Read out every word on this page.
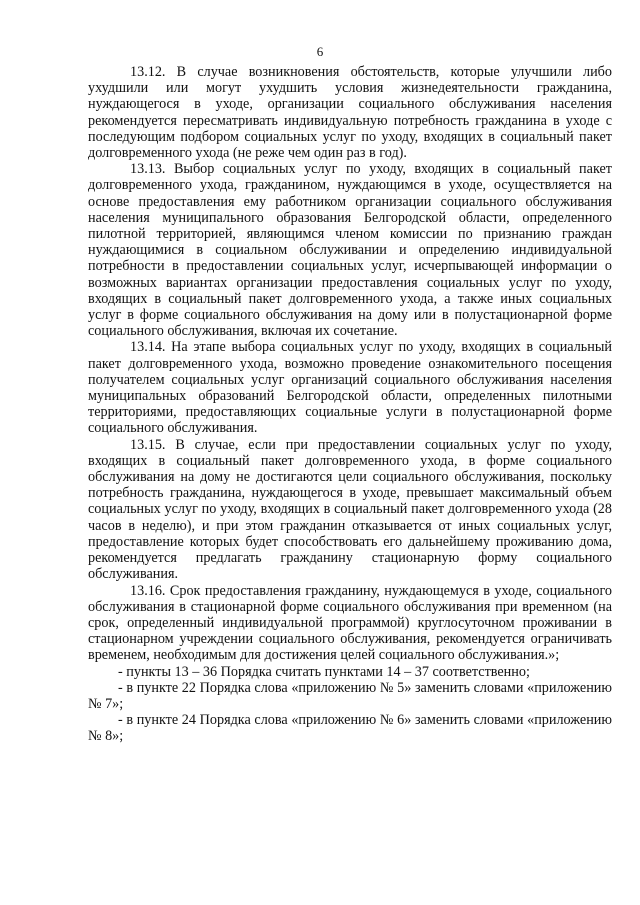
6

13.12. В случае возникновения обстоятельств, которые улучшили либо ухудшили или могут ухудшить условия жизнедеятельности гражданина, нуждающегося в уходе, организации социального обслуживания населения рекомендуется пересматривать индивидуальную потребность гражданина в уходе с последующим подбором социальных услуг по уходу, входящих в социальный пакет долговременного ухода (не реже чем один раз в год).

13.13. Выбор социальных услуг по уходу, входящих в социальный пакет долговременного ухода, гражданином, нуждающимся в уходе, осуществляется на основе предоставления ему работником организации социального обслуживания населения муниципального образования Белгородской области, определенного пилотной территорией, являющимся членом комиссии по признанию граждан нуждающимися в социальном обслуживании и определению индивидуальной потребности в предоставлении социальных услуг, исчерпывающей информации о возможных вариантах организации предоставления социальных услуг по уходу, входящих в социальный пакет долговременного ухода, а также иных социальных услуг в форме социального обслуживания на дому или в полустационарной форме социального обслуживания, включая их сочетание.

13.14. На этапе выбора социальных услуг по уходу, входящих в социальный пакет долговременного ухода, возможно проведение ознакомительного посещения получателем социальных услуг организаций социального обслуживания населения муниципальных образований Белгородской области, определенных пилотными территориями, предоставляющих социальные услуги в полустационарной форме социального обслуживания.

13.15. В случае, если при предоставлении социальных услуг по уходу, входящих в социальный пакет долговременного ухода, в форме социального обслуживания на дому не достигаются цели социального обслуживания, поскольку потребность гражданина, нуждающегося в уходе, превышает максимальный объем социальных услуг по уходу, входящих в социальный пакет долговременного ухода (28 часов в неделю), и при этом гражданин отказывается от иных социальных услуг, предоставление которых будет способствовать его дальнейшему проживанию дома, рекомендуется предлагать гражданину стационарную форму социального обслуживания.

13.16. Срок предоставления гражданину, нуждающемуся в уходе, социального обслуживания в стационарной форме социального обслуживания при временном (на срок, определенный индивидуальной программой) круглосуточном проживании в стационарном учреждении социального обслуживания, рекомендуется ограничивать временем, необходимым для достижения целей социального обслуживания.»;

- пункты 13 – 36 Порядка считать пунктами 14 – 37 соответственно;

- в пункте 22 Порядка слова «приложению № 5» заменить словами «приложению № 7»;

- в пункте 24 Порядка слова «приложению № 6» заменить словами «приложению № 8»;
